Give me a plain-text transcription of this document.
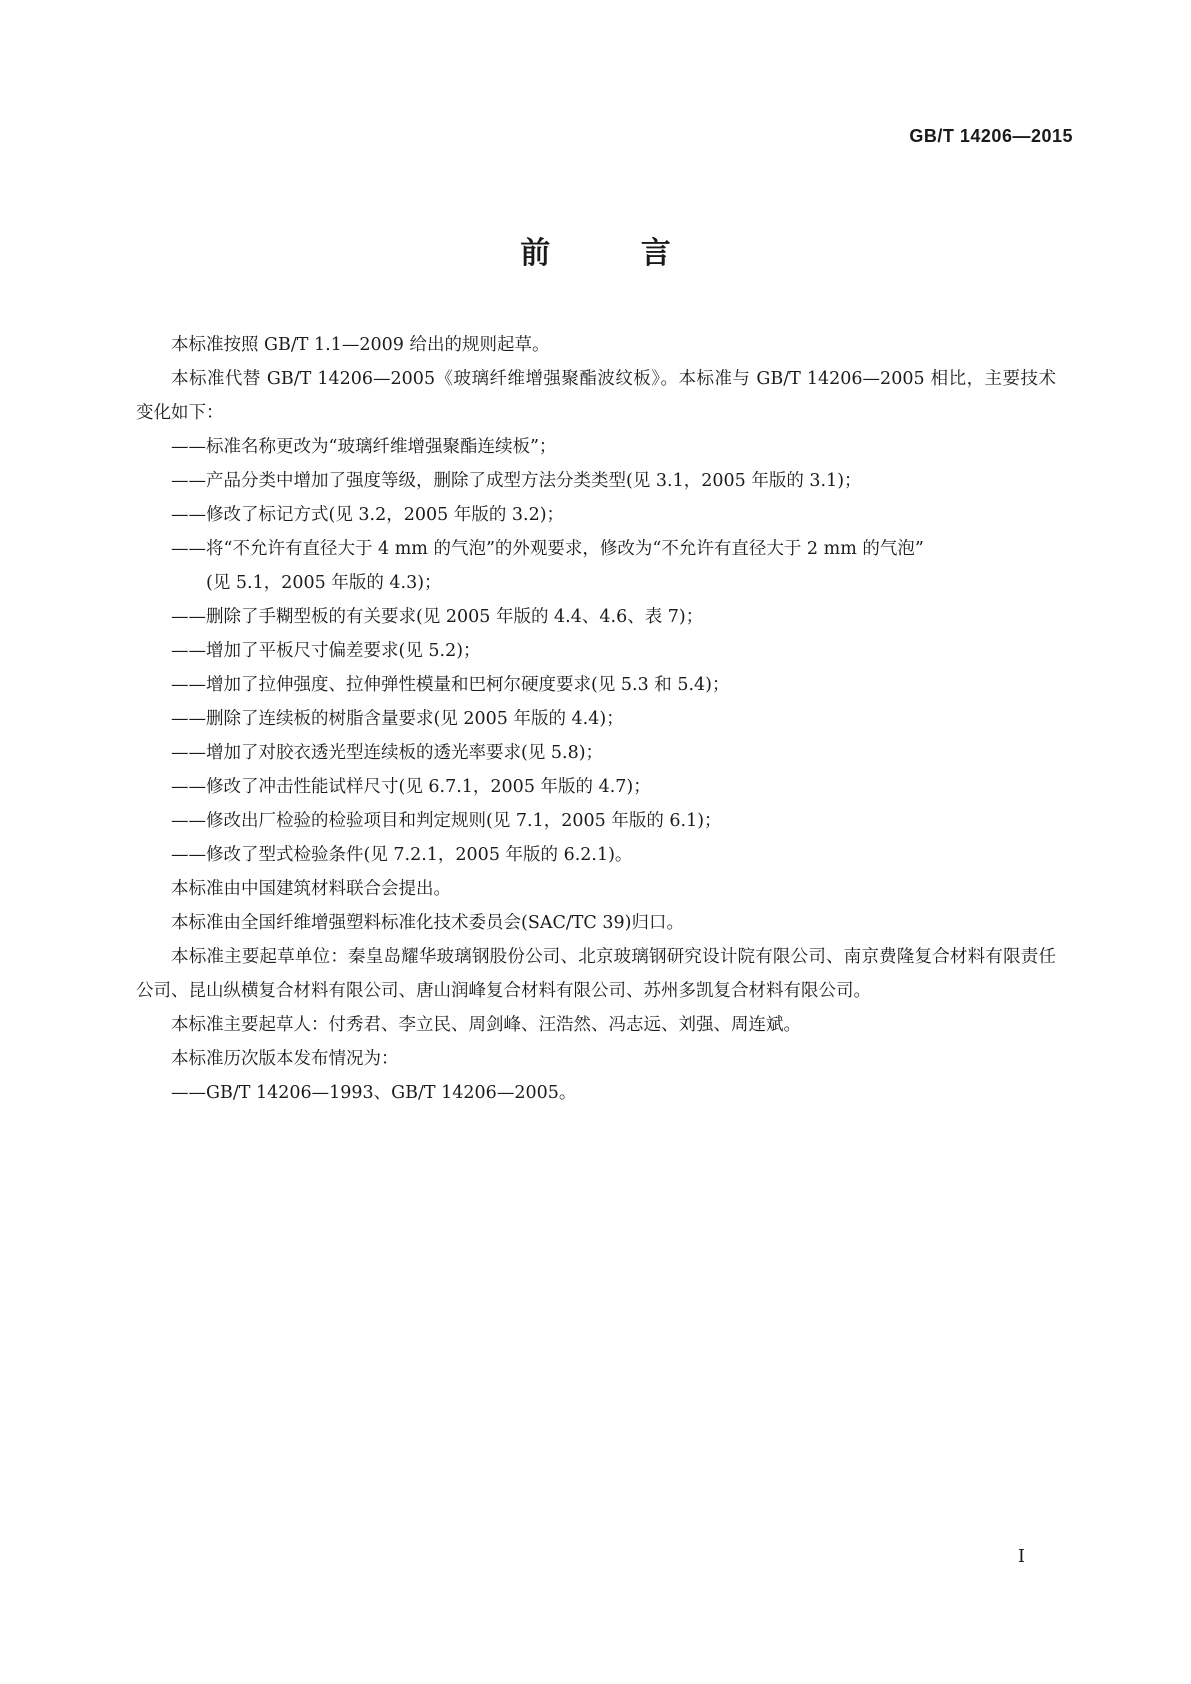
GB/T 14206—2015
前 言

本标准按照 GB/T 1.1—2009 给出的规则起草。

本标准代替 GB/T 14206—2005《玻璃纤维增强聚酯波纹板》。本标准与 GB/T 14206—2005 相比，主要技术变化如下：

——标准名称更改为“玻璃纤维增强聚酯连续板”；

——产品分类中增加了强度等级，删除了成型方法分类类型(见 3.1，2005 年版的 3.1)；

——修改了标记方式(见 3.2，2005 年版的 3.2)；

——将“不允许有直径大于 4 mm 的气泡”的外观要求，修改为“不允许有直径大于 2 mm 的气泡”
(见 5.1，2005 年版的 4.3)；

——删除了手糊型板的有关要求(见 2005 年版的 4.4、4.6、表 7)；

——增加了平板尺寸偏差要求(见 5.2)；

——增加了拉伸强度、拉伸弹性模量和巴柯尔硬度要求(见 5.3 和 5.4)；

——删除了连续板的树脂含量要求(见 2005 年版的 4.4)；

——增加了对胶衣透光型连续板的透光率要求(见 5.8)；

——修改了冲击性能试样尺寸(见 6.7.1，2005 年版的 4.7)；

——修改出厂检验的检验项目和判定规则(见 7.1，2005 年版的 6.1)；

——修改了型式检验条件(见 7.2.1，2005 年版的 6.2.1)。

本标准由中国建筑材料联合会提出。

本标准由全国纤维增强塑料标准化技术委员会(SAC/TC 39)归口。

本标准主要起草单位：秦皇岛耀华玻璃钢股份公司、北京玻璃钢研究设计院有限公司、南京费隆复合材料有限责任公司、昆山纵横复合材料有限公司、唐山润峰复合材料有限公司、苏州多凯复合材料有限公司。

本标准主要起草人：付秀君、李立民、周剑峰、汪浩然、冯志远、刘强、周连斌。

本标准历次版本发布情况为：

——GB/T 14206—1993、GB/T 14206—2005。

I
